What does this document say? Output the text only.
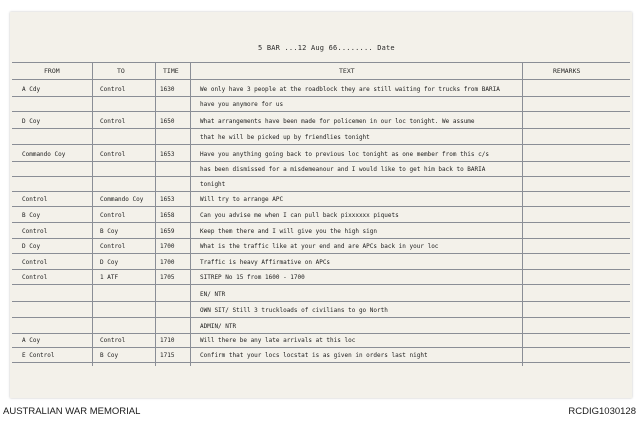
5 BAR ...12 Aug 66........ Date
FROM	TO	TIME	TEXT	REMARKS
A Cdy	Control	1630	We only have 3 people at the roadblock they are still waiting for trucks from BARIA
have you anymore for us
D Coy	Control	1650	What arrangements have been made for policemen in our loc tonight. We assume
that he will be picked up by friendlies tonight
Commando Coy	Control	1653	Have you anything going back to previous loc tonight as one member from this c/s
has been dismissed for a misdemeanour and I would like to get him back to BARIA
tonight
Control	Commando Coy	1653	Will try to arrange APC
B Coy	Control	1658	Can you advise me when I can pull back pixxxxxx piquets
Control	B Coy	1659	Keep them there and I will give you the high sign
D Coy	Control	1700	What is the traffic like at your end and are APCs back in your loc
Control	D Coy	1700	Traffic is heavy Affirmative on APCs
Control	1 ATF	1705	SITREP No 15 from 1600 - 1700
EN/ NTR
OWN SIT/ Still 3 truckloads of civilians to go North
ADMIN/ NTR
A Coy	Control	1710	Will there be any late arrivals at this loc
E Control	B Coy	1715	Confirm that your locs locstat is as given in orders last night
AUSTRALIAN WAR MEMORIAL	RCDIG1030128
